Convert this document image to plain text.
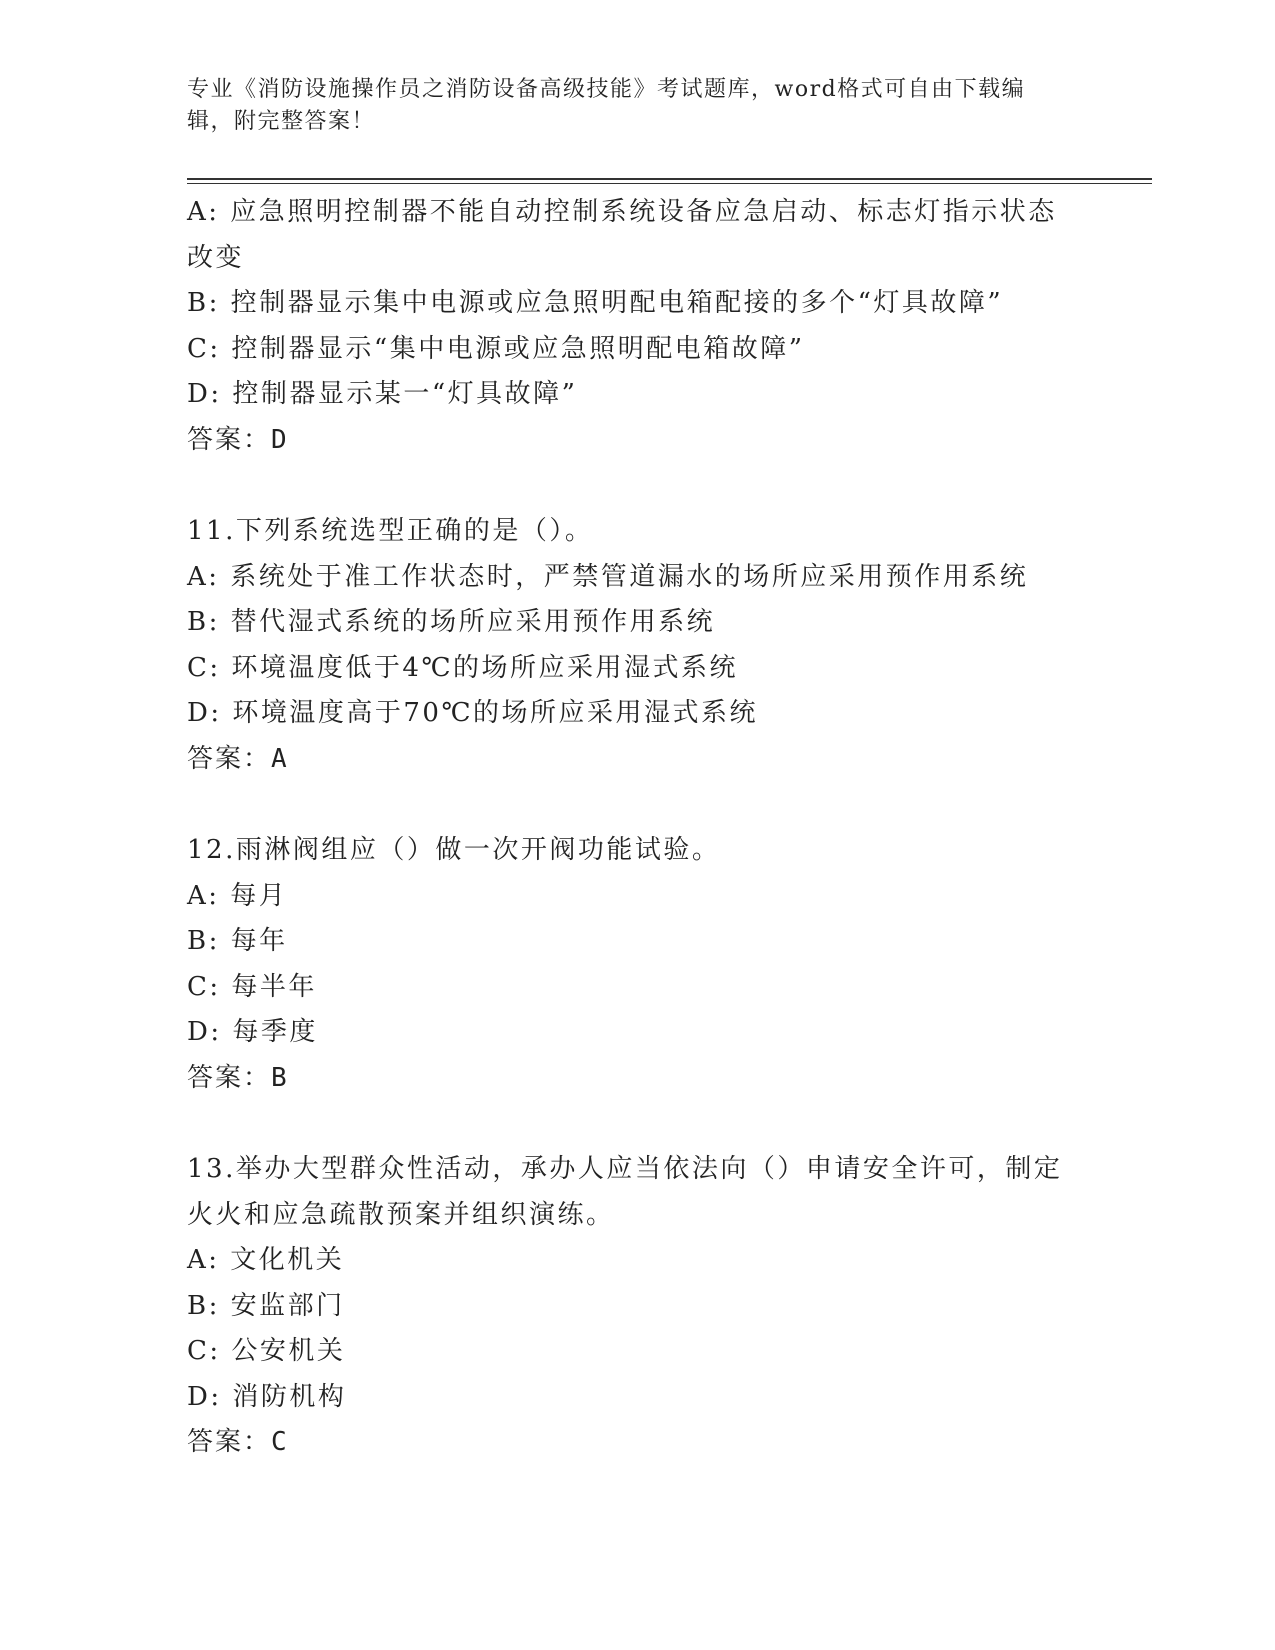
专业《消防设施操作员之消防设备高级技能》考试题库，word格式可自由下载编辑，附完整答案！
A: 应急照明控制器不能自动控制系统设备应急启动、标志灯指示状态改变
B: 控制器显示集中电源或应急照明配电箱配接的多个“灯具故障”
C: 控制器显示“集中电源或应急照明配电箱故障”
D: 控制器显示某一“灯具故障”
答案：D
11.下列系统选型正确的是（）。
A: 系统处于准工作状态时，严禁管道漏水的场所应采用预作用系统
B: 替代湿式系统的场所应采用预作用系统
C: 环境温度低于4℃的场所应采用湿式系统
D: 环境温度高于70℃的场所应采用湿式系统
答案：A
12.雨淋阀组应（）做一次开阀功能试验。
A: 每月
B: 每年
C: 每半年
D: 每季度
答案：B
13.举办大型群众性活动，承办人应当依法向（）申请安全许可，制定火火和应急疏散预案并组织演练。
A: 文化机关
B: 安监部门
C: 公安机关
D: 消防机构
答案：C
